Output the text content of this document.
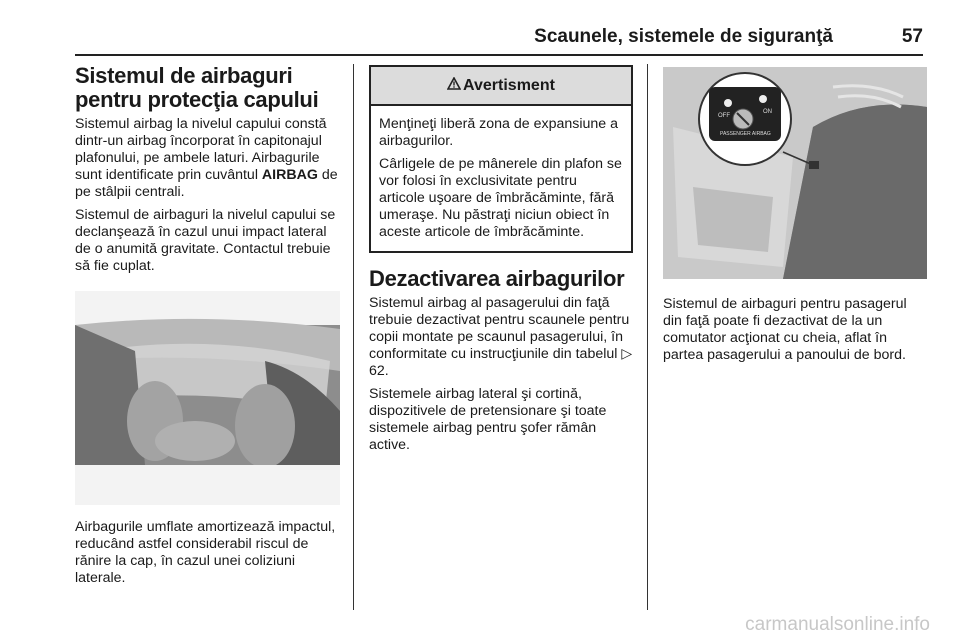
Scaunele, sistemele de siguranţă	57
Sistemul de airbaguri pentru protecţia capului
Sistemul airbag la nivelul capului constă dintr-un airbag încorporat în capitonajul plafonului, pe ambele laturi. Airbagurile sunt identificate prin cuvântul AIRBAG de pe stâlpii centrali.
Sistemul de airbaguri la nivelul capului se declanşează în cazul unui impact lateral de o anumită gravitate. Contactul trebuie să fie cuplat.
Airbagurile umflate amortizează impactul, reducând astfel considerabil riscul de rănire la cap, în cazul unei coliziuni laterale.
Avertisment
Menţineţi liberă zona de expansiune a airbagurilor.
Cârligele de pe mânerele din plafon se vor folosi în exclusivitate pentru articole uşoare de îmbrăcăminte, fără umeraşe. Nu păstraţi niciun obiect în aceste articole de îmbrăcăminte.
Dezactivarea airbagurilor
Sistemul airbag al pasagerului din faţă trebuie dezactivat pentru scaunele pentru copii montate pe scaunul pasagerului, în conformitate cu instrucţiunile din tabelul ▷ 62.
Sistemele airbag lateral şi cortină, dispozitivele de pretensionare şi toate sistemele airbag pentru şofer rămân active.
OFF
ON
PASSENGER AIRBAG
Sistemul de airbaguri pentru pasagerul din faţă poate fi dezactivat de la un comutator acţionat cu cheia, aflat în partea pasagerului a panoului de bord.
carmanualsonline.info
